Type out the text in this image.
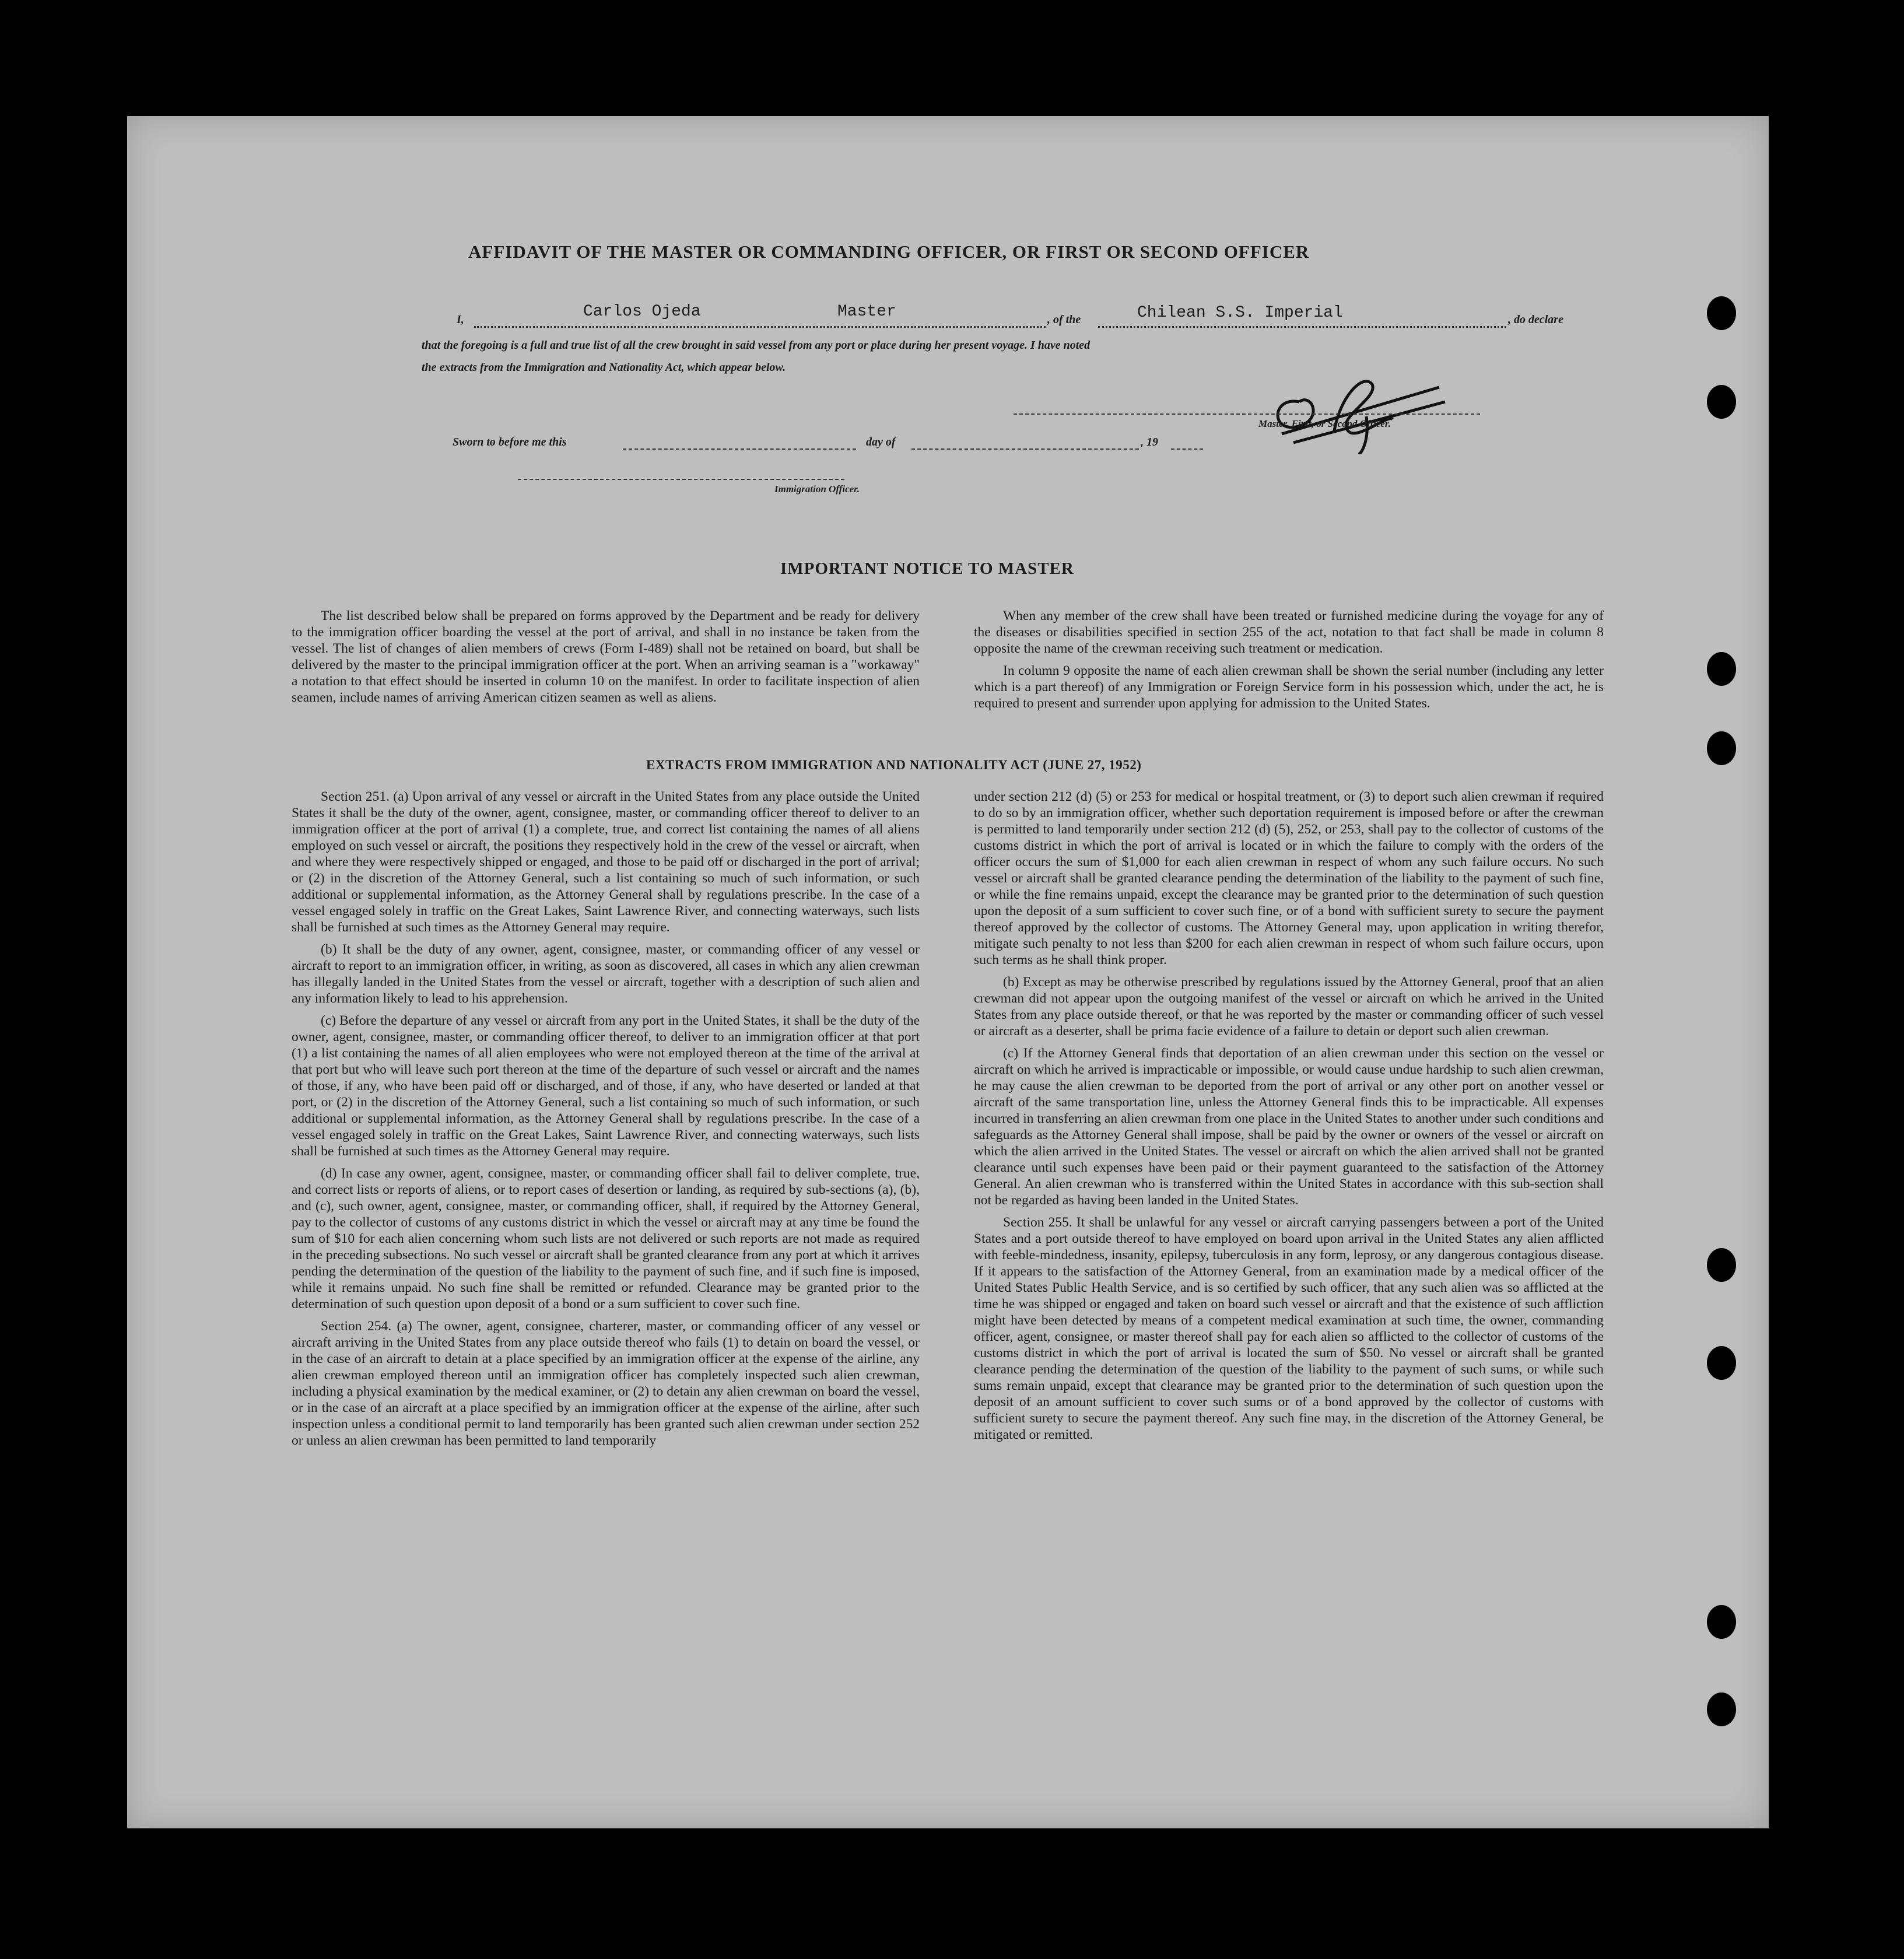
AFFIDAVIT OF THE MASTER OR COMMANDING OFFICER, OR FIRST OR SECOND OFFICER
I,	Carlos Ojeda	Master	, of the	Chilean S.S. Imperial	, do declare
that the foregoing is a full and true list of all the crew brought in said vessel from any port or place during her present voyage. I have noted
the extracts from the Immigration and Nationality Act, which appear below.
Master, First, or Second Officer.
Sworn to before me this	day of	, 19
Immigration Officer.
IMPORTANT NOTICE TO MASTER

The list described below shall be prepared on forms approved by the Department and be ready for delivery to the immigration officer boarding the vessel at the port of arrival, and shall in no instance be taken from the vessel. The list of changes of alien members of crews (Form I-489) shall not be retained on board, but shall be delivered by the master to the principal immigration officer at the port. When an arriving seaman is a "workaway" a notation to that effect should be inserted in column 10 on the manifest. In order to facilitate inspection of alien seamen, include names of arriving American citizen seamen as well as aliens.

When any member of the crew shall have been treated or furnished medicine during the voyage for any of the diseases or disabilities specified in section 255 of the act, notation to that fact shall be made in column 8 opposite the name of the crewman receiving such treatment or medication.

In column 9 opposite the name of each alien crewman shall be shown the serial number (including any letter which is a part thereof) of any Immigration or Foreign Service form in his possession which, under the act, he is required to present and surrender upon applying for admission to the United States.

EXTRACTS FROM IMMIGRATION AND NATIONALITY ACT (JUNE 27, 1952)

Section 251. (a) Upon arrival of any vessel or aircraft in the United States from any place outside the United States it shall be the duty of the owner, agent, consignee, master, or commanding officer thereof to deliver to an immigration officer at the port of arrival (1) a complete, true, and correct list containing the names of all aliens employed on such vessel or aircraft, the positions they respectively hold in the crew of the vessel or aircraft, when and where they were respectively shipped or engaged, and those to be paid off or discharged in the port of arrival; or (2) in the discretion of the Attorney General, such a list containing so much of such information, or such additional or supplemental information, as the Attorney General shall by regulations prescribe. In the case of a vessel engaged solely in traffic on the Great Lakes, Saint Lawrence River, and connecting waterways, such lists shall be furnished at such times as the Attorney General may require.

(b) It shall be the duty of any owner, agent, consignee, master, or commanding officer of any vessel or aircraft to report to an immigration officer, in writing, as soon as discovered, all cases in which any alien crewman has illegally landed in the United States from the vessel or aircraft, together with a description of such alien and any information likely to lead to his apprehension.

(c) Before the departure of any vessel or aircraft from any port in the United States, it shall be the duty of the owner, agent, consignee, master, or commanding officer thereof, to deliver to an immigration officer at that port (1) a list containing the names of all alien employees who were not employed thereon at the time of the arrival at that port but who will leave such port thereon at the time of the departure of such vessel or aircraft and the names of those, if any, who have been paid off or discharged, and of those, if any, who have deserted or landed at that port, or (2) in the discretion of the Attorney General, such a list containing so much of such information, or such additional or supplemental information, as the Attorney General shall by regulations prescribe. In the case of a vessel engaged solely in traffic on the Great Lakes, Saint Lawrence River, and connecting waterways, such lists shall be furnished at such times as the Attorney General may require.

(d) In case any owner, agent, consignee, master, or commanding officer shall fail to deliver complete, true, and correct lists or reports of aliens, or to report cases of desertion or landing, as required by sub-sections (a), (b), and (c), such owner, agent, consignee, master, or commanding officer, shall, if required by the Attorney General, pay to the collector of customs of any customs district in which the vessel or aircraft may at any time be found the sum of $10 for each alien concerning whom such lists are not delivered or such reports are not made as required in the preceding subsections. No such vessel or aircraft shall be granted clearance from any port at which it arrives pending the determination of the question of the liability to the payment of such fine, and if such fine is imposed, while it remains unpaid. No such fine shall be remitted or refunded. Clearance may be granted prior to the determination of such question upon deposit of a bond or a sum sufficient to cover such fine.

Section 254. (a) The owner, agent, consignee, charterer, master, or commanding officer of any vessel or aircraft arriving in the United States from any place outside thereof who fails (1) to detain on board the vessel, or in the case of an aircraft to detain at a place specified by an immigration officer at the expense of the airline, any alien crewman employed thereon until an immigration officer has completely inspected such alien crewman, including a physical examination by the medical examiner, or (2) to detain any alien crewman on board the vessel, or in the case of an aircraft at a place specified by an immigration officer at the expense of the airline, after such inspection unless a conditional permit to land temporarily has been granted such alien crewman under section 252 or unless an alien crewman has been permitted to land temporarily

under section 212 (d) (5) or 253 for medical or hospital treatment, or (3) to deport such alien crewman if required to do so by an immigration officer, whether such deportation requirement is imposed before or after the crewman is permitted to land temporarily under section 212 (d) (5), 252, or 253, shall pay to the collector of customs of the customs district in which the port of arrival is located or in which the failure to comply with the orders of the officer occurs the sum of $1,000 for each alien crewman in respect of whom any such failure occurs. No such vessel or aircraft shall be granted clearance pending the determination of the liability to the payment of such fine, or while the fine remains unpaid, except the clearance may be granted prior to the determination of such question upon the deposit of a sum sufficient to cover such fine, or of a bond with sufficient surety to secure the payment thereof approved by the collector of customs. The Attorney General may, upon application in writing therefor, mitigate such penalty to not less than $200 for each alien crewman in respect of whom such failure occurs, upon such terms as he shall think proper.

(b) Except as may be otherwise prescribed by regulations issued by the Attorney General, proof that an alien crewman did not appear upon the outgoing manifest of the vessel or aircraft on which he arrived in the United States from any place outside thereof, or that he was reported by the master or commanding officer of such vessel or aircraft as a deserter, shall be prima facie evidence of a failure to detain or deport such alien crewman.

(c) If the Attorney General finds that deportation of an alien crewman under this section on the vessel or aircraft on which he arrived is impracticable or impossible, or would cause undue hardship to such alien crewman, he may cause the alien crewman to be deported from the port of arrival or any other port on another vessel or aircraft of the same transportation line, unless the Attorney General finds this to be impracticable. All expenses incurred in transferring an alien crewman from one place in the United States to another under such conditions and safeguards as the Attorney General shall impose, shall be paid by the owner or owners of the vessel or aircraft on which the alien arrived in the United States. The vessel or aircraft on which the alien arrived shall not be granted clearance until such expenses have been paid or their payment guaranteed to the satisfaction of the Attorney General. An alien crewman who is transferred within the United States in accordance with this sub-section shall not be regarded as having been landed in the United States.

Section 255. It shall be unlawful for any vessel or aircraft carrying passengers between a port of the United States and a port outside thereof to have employed on board upon arrival in the United States any alien afflicted with feeble-mindedness, insanity, epilepsy, tuberculosis in any form, leprosy, or any dangerous contagious disease. If it appears to the satisfaction of the Attorney General, from an examination made by a medical officer of the United States Public Health Service, and is so certified by such officer, that any such alien was so afflicted at the time he was shipped or engaged and taken on board such vessel or aircraft and that the existence of such affliction might have been detected by means of a competent medical examination at such time, the owner, commanding officer, agent, consignee, or master thereof shall pay for each alien so afflicted to the collector of customs of the customs district in which the port of arrival is located the sum of $50. No vessel or aircraft shall be granted clearance pending the determination of the question of the liability to the payment of such sums, or while such sums remain unpaid, except that clearance may be granted prior to the determination of such question upon the deposit of an amount sufficient to cover such sums or of a bond approved by the collector of customs with sufficient surety to secure the payment thereof. Any such fine may, in the discretion of the Attorney General, be mitigated or remitted.
